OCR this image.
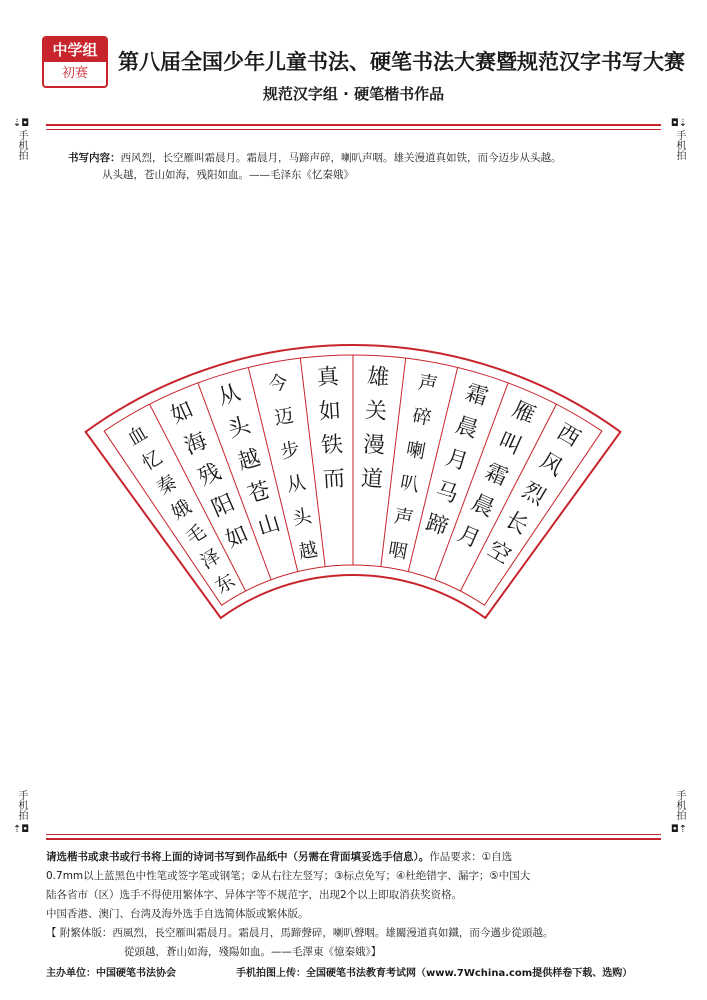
中学组
初赛	第八届全国少年儿童书法、硬笔书法大赛暨规范汉字书写大赛
规范汉字组 · 硬笔楷书作品
⇣◘
手机拍
◘⇣
手机拍
手机拍
⇡◘
手机拍
◘⇡
书写内容：西风烈，长空雁叫霜晨月。霜晨月，马蹄声碎，喇叭声咽。雄关漫道真如铁，而今迈步从头越。
从头越，苍山如海，残阳如血。——毛泽东《忆秦娥》
西
风
烈
长
空
雁
叫
霜
晨
月
霜
晨
月
马
蹄
声
碎
喇
叭
声
咽
雄
关
漫
道
真
如
铁
而
今
迈
步
从
头
越
从
头
越
苍
山
如
海
残
阳
如
血
忆
秦
娥
毛
泽
东
请选楷书或隶书或行书将上面的诗词书写到作品纸中（另需在背面填妥选手信息）。作品要求：①自选
0.7mm以上蓝黑色中性笔或签字笔或钢笔；②从右往左竖写；③标点免写；④杜绝错字、漏字；⑤中国大
陆各省市（区）选手不得使用繁体字、异体字等不规范字，出现2个以上即取消获奖资格。
中国香港、澳门、台湾及海外选手自选简体版或繁体版。
【 附繁体版：西風烈，長空雁叫霜晨月。霜晨月，馬蹄聲碎，喇叭聲咽。雄關漫道真如鐵，而今邁步從頭越。
從頭越，蒼山如海，殘陽如血。——毛澤東《憶秦娥》】
主办单位：中国硬笔书法协会	手机拍图上传：全国硬笔书法教育考试网（www.7Wchina.com提供样卷下载、选购）
